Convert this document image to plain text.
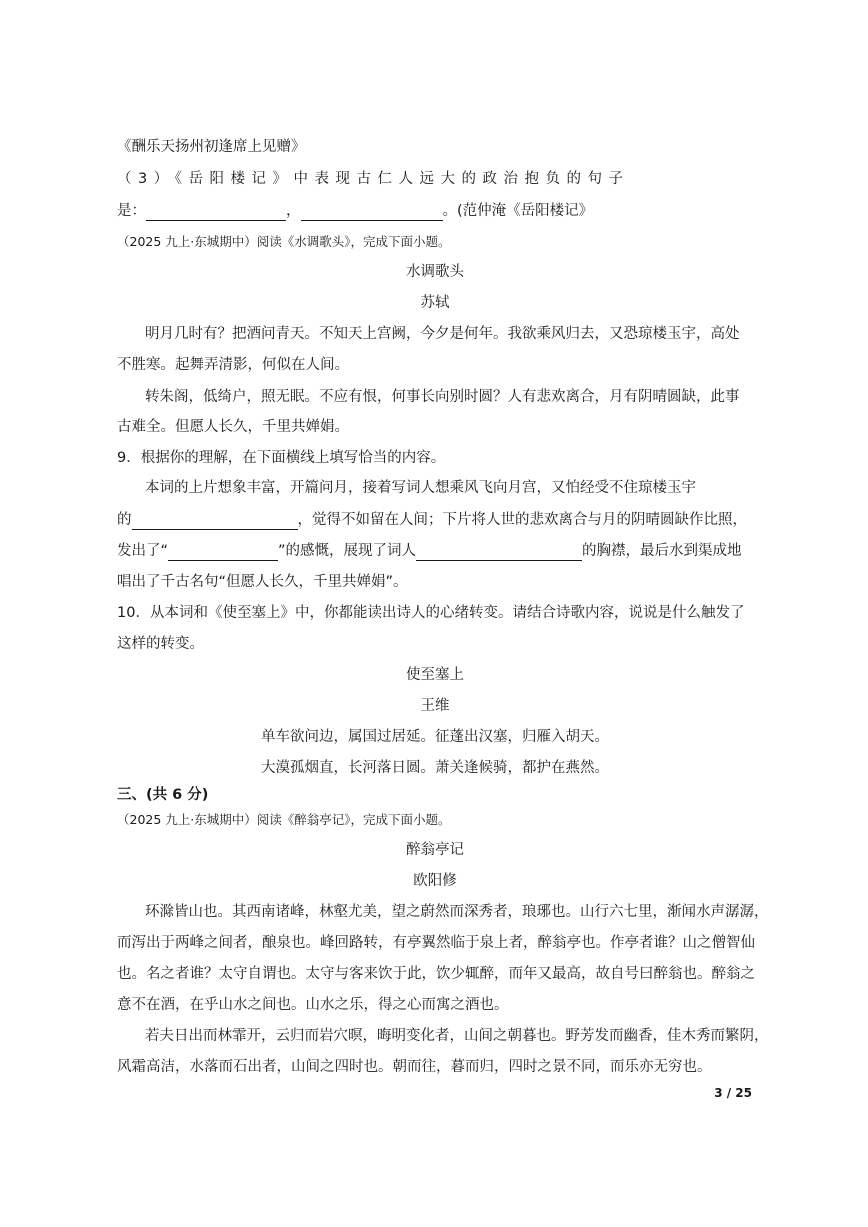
《酬乐天扬州初逢席上见赠》
（3）《岳阳楼记》中表现古仁人远大的政治抱负的句子
是：	，	。(范仲淹《岳阳楼记》
（2025 九上·东城期中）阅读《水调歌头》，完成下面小题。
水调歌头
苏轼
明月几时有？把酒问青天。不知天上宫阙，今夕是何年。我欲乘风归去，又恐琼楼玉宇，高处
不胜寒。起舞弄清影，何似在人间。
转朱阁，低绮户，照无眠。不应有恨，何事长向别时圆？人有悲欢离合，月有阴晴圆缺，此事
古难全。但愿人长久，千里共婵娟。
9．根据你的理解，在下面横线上填写恰当的内容。
本词的上片想象丰富，开篇问月，接着写词人想乘风飞向月宫，又怕经受不住琼楼玉宇
的	，觉得不如留在人间；下片将人世的悲欢离合与月的阴晴圆缺作比照，
发出了“	”的感慨，展现了词人	的胸襟，最后水到渠成地
唱出了千古名句“但愿人长久，千里共婵娟”。
10．从本词和《使至塞上》中，你都能读出诗人的心绪转变。请结合诗歌内容，说说是什么触发了
这样的转变。
使至塞上
王维
单车欲问边，属国过居延。征蓬出汉塞，归雁入胡天。
大漠孤烟直，长河落日圆。萧关逢候骑，都护在燕然。
三、(共 6 分)
（2025 九上·东城期中）阅读《醉翁亭记》，完成下面小题。
醉翁亭记
欧阳修
环滁皆山也。其西南诸峰，林壑尤美，望之蔚然而深秀者，琅琊也。山行六七里，渐闻水声潺潺，
而泻出于两峰之间者，酿泉也。峰回路转，有亭翼然临于泉上者，醉翁亭也。作亭者谁？山之僧智仙
也。名之者谁？太守自谓也。太守与客来饮于此，饮少辄醉，而年又最高，故自号曰醉翁也。醉翁之
意不在酒，在乎山水之间也。山水之乐，得之心而寓之酒也。
若夫日出而林霏开，云归而岩穴暝，晦明变化者，山间之朝暮也。野芳发而幽香，佳木秀而繁阴，
风霜高洁，水落而石出者，山间之四时也。朝而往，暮而归，四时之景不同，而乐亦无穷也。
3 / 25
